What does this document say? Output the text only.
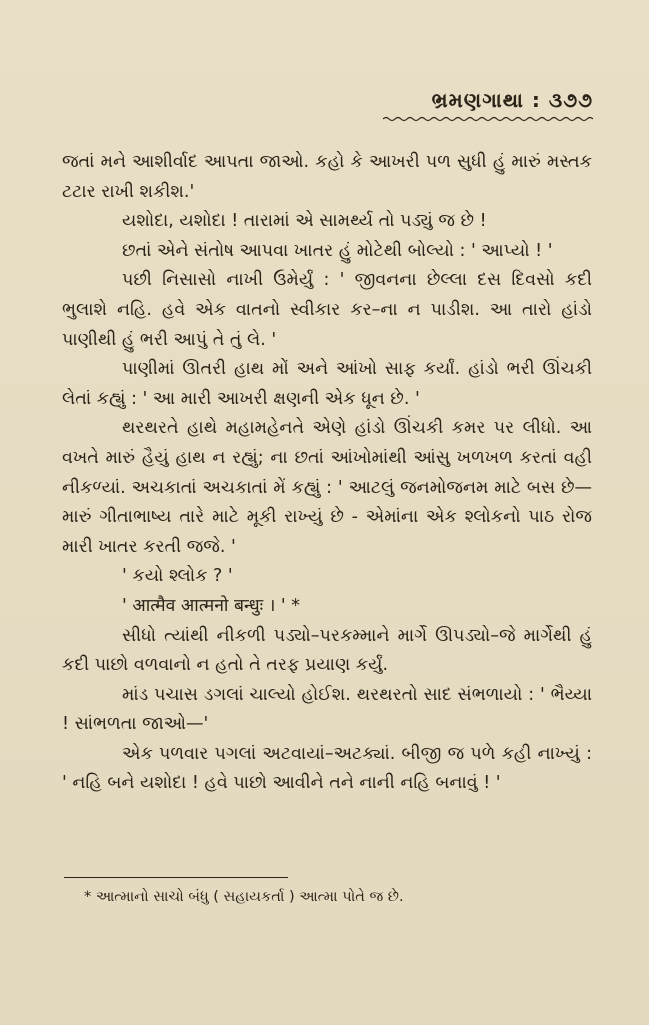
ભ્રમણગાથા : ૩૭૭

જતાં મને આશીર્વાદ આપતા જાઓ. કહો કે આખરી પળ સુધી હું મારું મસ્તક ટટાર રાખી શકીશ.'

યશોદા, યશોદા ! તારામાં એ સામર્થ્ય તો પડ્યું જ છે !

છતાં એને સંતોષ આપવા ખાતર હું મોટેથી બોલ્યો : ' આપ્યો ! '

પછી નિસાસો નાખી ઉમેર્યું : ' જીવનના છેલ્લા દસ દિવસો કદી ભુલાશે નહિ. હવે એક વાતનો સ્વીકાર કર–ના ન પાડીશ. આ તારો હાંડો પાણીથી હું ભરી આપું તે તું લે. '

પાણીમાં ઊતરી હાથ મોં અને આંખો સાફ કર્યાં. હાંડો ભરી ઊંચકી લેતાં કહ્યું : ' આ મારી આખરી ક્ષણની એક ધૂન છે. '

થરથરતે હાથે મહામહેનતે એણે હાંડો ઊંચકી કમર પર લીધો. આ વખતે મારું હૈયું હાથ ન રહ્યું; ના છતાં આંખોમાંથી આંસુ ખળખળ કરતાં વહી નીકળ્યાં. અચકાતાં અચકાતાં મેં કહ્યું : ' આટલું જનમોજનમ માટે બસ છે—મારું ગીતાભાષ્ય તારે માટે મૂકી રાખ્યું છે - એમાંના એક શ્લોકનો પાઠ રોજ મારી ખાતર કરતી જજે. '

' કયો શ્લોક ? '

' आत्मैव आत्मनो बन्धुः । ' *

સીધો ત્યાંથી નીકળી પડ્યો–પરકમ્માને માર્ગે ઊપડ્યો–જે માર્ગેથી હું કદી પાછો વળવાનો ન હતો તે તરફ પ્રયાણ કર્યું.

માંડ પચાસ ડગલાં ચાલ્યો હોઈશ. થરથરતો સાદ સંભળાયો : ' ભૈય્યા ! સાંભળતા જાઓ—'

એક પળવાર પગલાં અટવાયાં–અટક્યાં. બીજી જ પળે કહી નાખ્યું : ' નહિ બને યશોદા ! હવે પાછો આવીને તને નાની નહિ બનાવું ! '

* આત્માનો સાચો બંધુ ( સહાયકર્તા ) આત્મા પોતે જ છે.
